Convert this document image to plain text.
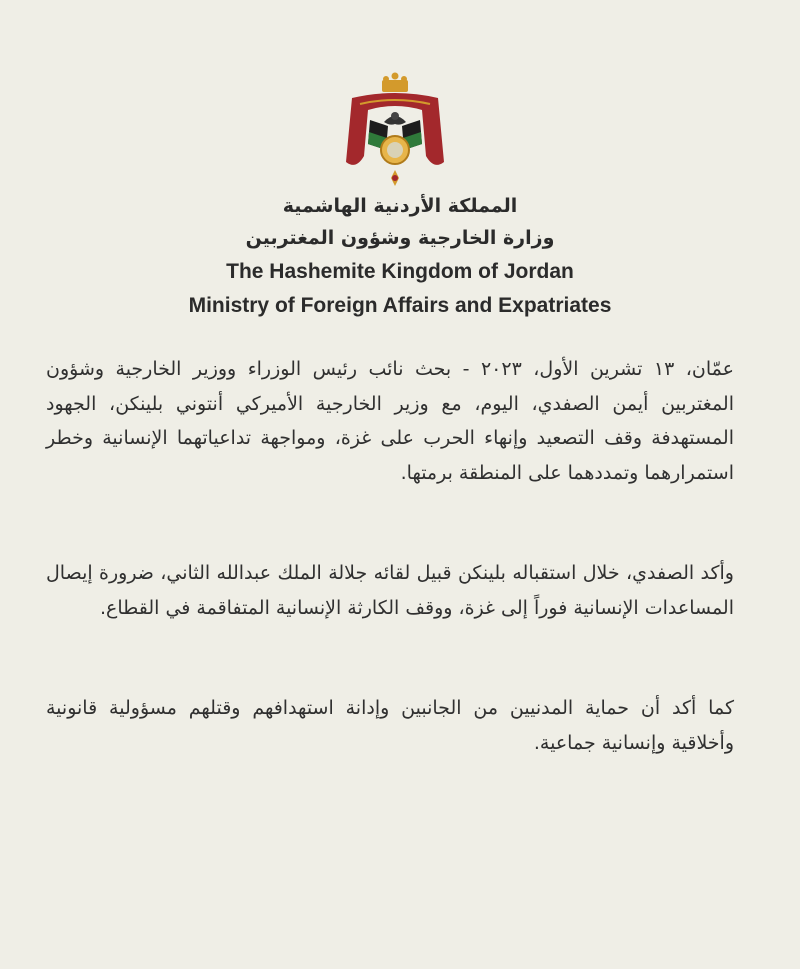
المملكة الأردنية الهاشمية
وزارة الخارجية وشؤون المغتربين
The Hashemite Kingdom of Jordan
Ministry of Foreign Affairs and Expatriates
عمّان، ١٣ تشرين الأول، ٢٠٢٣ - بحث نائب رئيس الوزراء ووزير الخارجية وشؤون المغتربين أيمن الصفدي، اليوم، مع وزير الخارجية الأميركي أنتوني بلينكن، الجهود المستهدفة وقف التصعيد وإنهاء الحرب على غزة، ومواجهة تداعياتهما الإنسانية وخطر استمرارهما وتمددهما على المنطقة برمتها.
وأكد الصفدي، خلال استقباله بلينكن قبيل لقائه جلالة الملك عبدالله الثاني، ضرورة إيصال المساعدات الإنسانية فوراً إلى غزة، ووقف الكارثة الإنسانية المتفاقمة في القطاع.
كما أكد أن حماية المدنيين من الجانبين وإدانة استهدافهم وقتلهم مسؤولية قانونية وأخلاقية وإنسانية جماعية.
